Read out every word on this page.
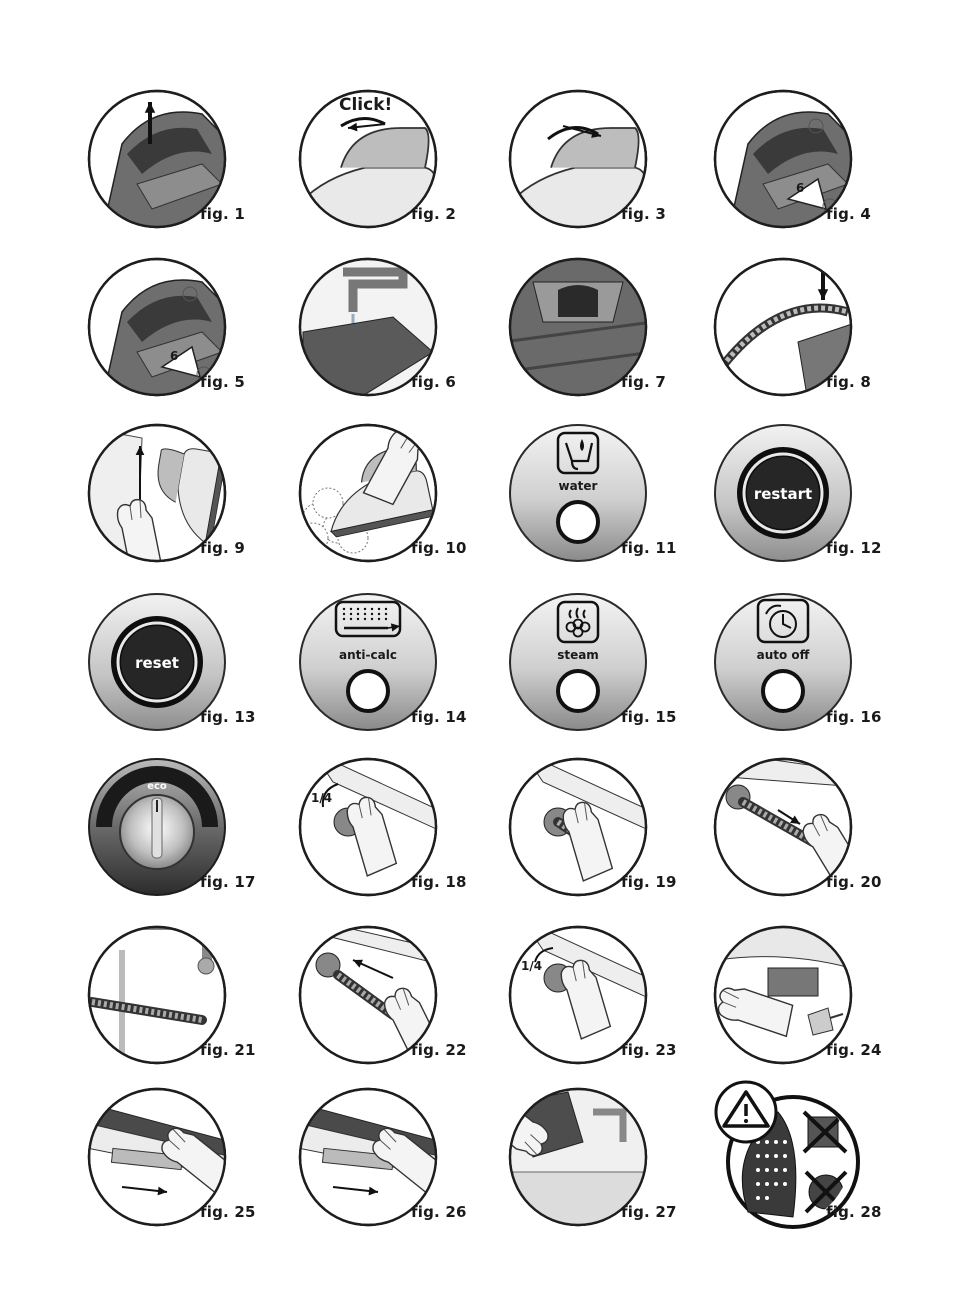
fig. 1
Click!
fig. 2	fig. 3
6
fig. 4
6
fig. 5	fig. 6	fig. 7	fig. 8
fig. 9	fig. 10
water
fig. 11
restart
fig. 12
reset
fig. 13
anti-calc
fig. 14
steam
fig. 15
auto off
fig. 16
eco
fig. 17
1/4
fig. 18	fig. 19	fig. 20
fig. 21	fig. 22
1/4
fig. 23	fig. 24
fig. 25	fig. 26	fig. 27	fig. 28
